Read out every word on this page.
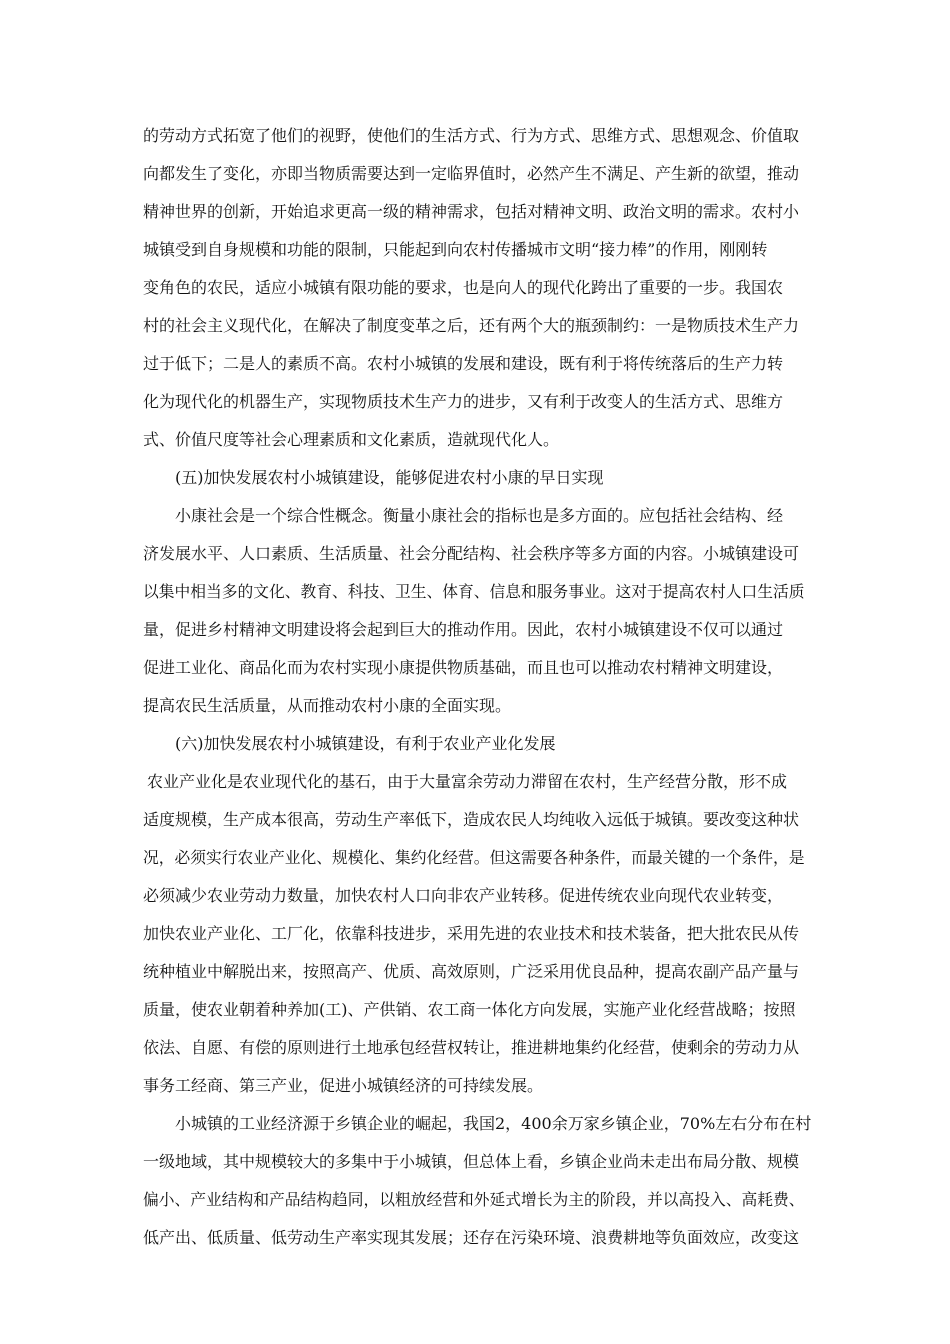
的劳动方式拓宽了他们的视野，使他们的生活方式、行为方式、思维方式、思想观念、价值取
向都发生了变化，亦即当物质需要达到一定临界值时，必然产生不满足、产生新的欲望，推动
精神世界的创新，开始追求更高一级的精神需求，包括对精神文明、政治文明的需求。农村小
城镇受到自身规模和功能的限制，只能起到向农村传播城市文明“接力棒”的作用，刚刚转
变角色的农民，适应小城镇有限功能的要求，也是向人的现代化跨出了重要的一步。我国农
村的社会主义现代化，在解决了制度变革之后，还有两个大的瓶颈制约：一是物质技术生产力
过于低下；二是人的素质不高。农村小城镇的发展和建设，既有利于将传统落后的生产力转
化为现代化的机器生产，实现物质技术生产力的进步，又有利于改变人的生活方式、思维方
式、价值尺度等社会心理素质和文化素质，造就现代化人。
(五)加快发展农村小城镇建设，能够促进农村小康的早日实现
小康社会是一个综合性概念。衡量小康社会的指标也是多方面的。应包括社会结构、经
济发展水平、人口素质、生活质量、社会分配结构、社会秩序等多方面的内容。小城镇建设可
以集中相当多的文化、教育、科技、卫生、体育、信息和服务事业。这对于提高农村人口生活质
量，促进乡村精神文明建设将会起到巨大的推动作用。因此，农村小城镇建设不仅可以通过
促进工业化、商品化而为农村实现小康提供物质基础，而且也可以推动农村精神文明建设，
提高农民生活质量，从而推动农村小康的全面实现。
(六)加快发展农村小城镇建设，有利于农业产业化发展
农业产业化是农业现代化的基石，由于大量富余劳动力滞留在农村，生产经营分散，形不成
适度规模，生产成本很高，劳动生产率低下，造成农民人均纯收入远低于城镇。要改变这种状
况，必须实行农业产业化、规模化、集约化经营。但这需要各种条件，而最关键的一个条件，是
必须减少农业劳动力数量，加快农村人口向非农产业转移。促进传统农业向现代农业转变，
加快农业产业化、工厂化，依靠科技进步，采用先进的农业技术和技术装备，把大批农民从传
统种植业中解脱出来，按照高产、优质、高效原则，广泛采用优良品种，提高农副产品产量与
质量，使农业朝着种养加(工)、产供销、农工商一体化方向发展，实施产业化经营战略；按照
依法、自愿、有偿的原则进行土地承包经营权转让，推进耕地集约化经营，使剩余的劳动力从
事务工经商、第三产业，促进小城镇经济的可持续发展。
小城镇的工业经济源于乡镇企业的崛起，我国2，400余万家乡镇企业，70%左右分布在村
一级地域，其中规模较大的多集中于小城镇，但总体上看，乡镇企业尚未走出布局分散、规模
偏小、产业结构和产品结构趋同，以粗放经营和外延式增长为主的阶段，并以高投入、高耗费、
低产出、低质量、低劳动生产率实现其发展；还存在污染环境、浪费耕地等负面效应，改变这
